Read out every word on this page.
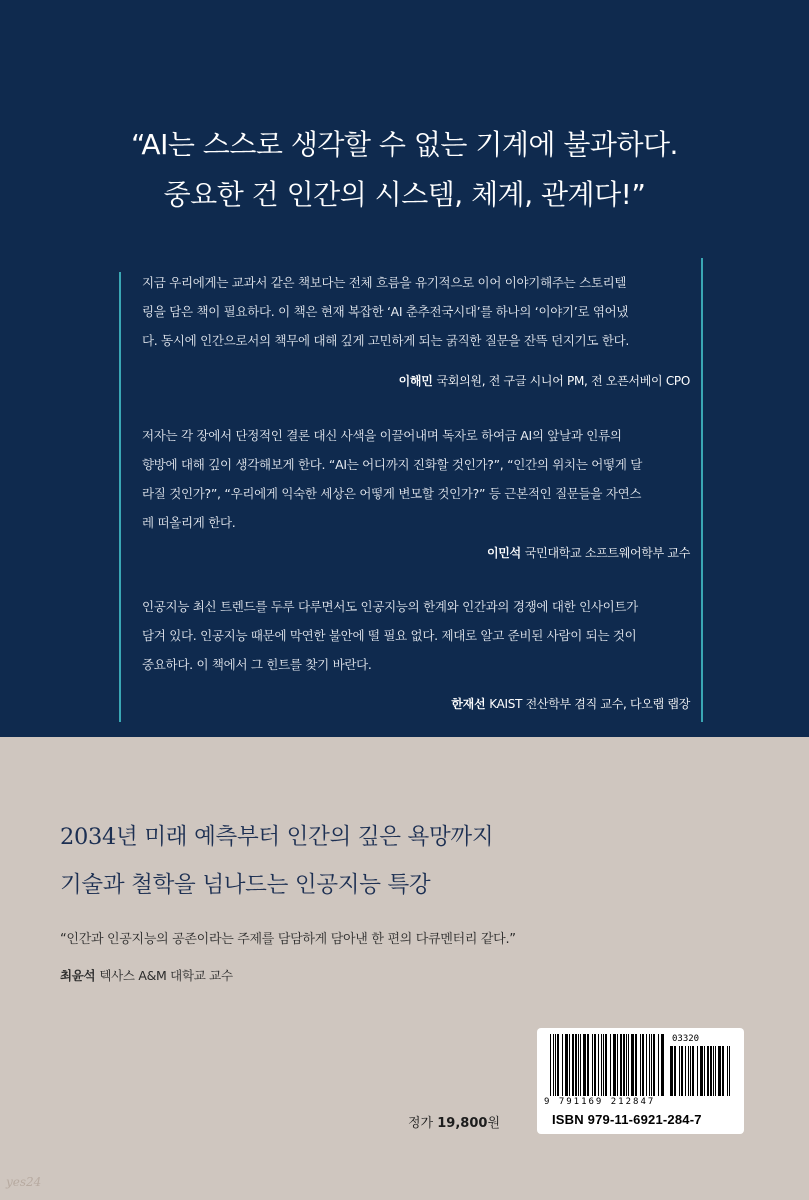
“AI는 스스로 생각할 수 없는 기계에 불과하다.
중요한 건 인간의 시스템, 체계, 관계다!”
지금 우리에게는 교과서 같은 책보다는 전체 흐름을 유기적으로 이어 이야기해주는 스토리텔
링을 담은 책이 필요하다. 이 책은 현재 복잡한 ‘AI 춘추전국시대’를 하나의 ‘이야기’로 엮어냈
다. 동시에 인간으로서의 책무에 대해 깊게 고민하게 되는 굵직한 질문을 잔뜩 던지기도 한다.
이해민 국회의원, 전 구글 시니어 PM, 전 오픈서베이 CPO
저자는 각 장에서 단정적인 결론 대신 사색을 이끌어내며 독자로 하여금 AI의 앞날과 인류의
향방에 대해 깊이 생각해보게 한다. “AI는 어디까지 진화할 것인가?”, “인간의 위치는 어떻게 달
라질 것인가?”, “우리에게 익숙한 세상은 어떻게 변모할 것인가?” 등 근본적인 질문들을 자연스
레 떠올리게 한다.
이민석 국민대학교 소프트웨어학부 교수
인공지능 최신 트렌드를 두루 다루면서도 인공지능의 한계와 인간과의 경쟁에 대한 인사이트가
담겨 있다. 인공지능 때문에 막연한 불안에 떨 필요 없다. 제대로 알고 준비된 사람이 되는 것이
중요하다. 이 책에서 그 힌트를 찾기 바란다.
한재선 KAIST 전산학부 겸직 교수, 다오랩 랩장
2034년 미래 예측부터 인간의 깊은 욕망까지
기술과 철학을 넘나드는 인공지능 특강
“인간과 인공지능의 공존이라는 주제를 담담하게 담아낸 한 편의 다큐멘터리 같다.”
최윤석 텍사스 A&M 대학교 교수
정가 19,800원
03320
9 791169 212847
ISBN 979-11-6921-284-7
yes24
